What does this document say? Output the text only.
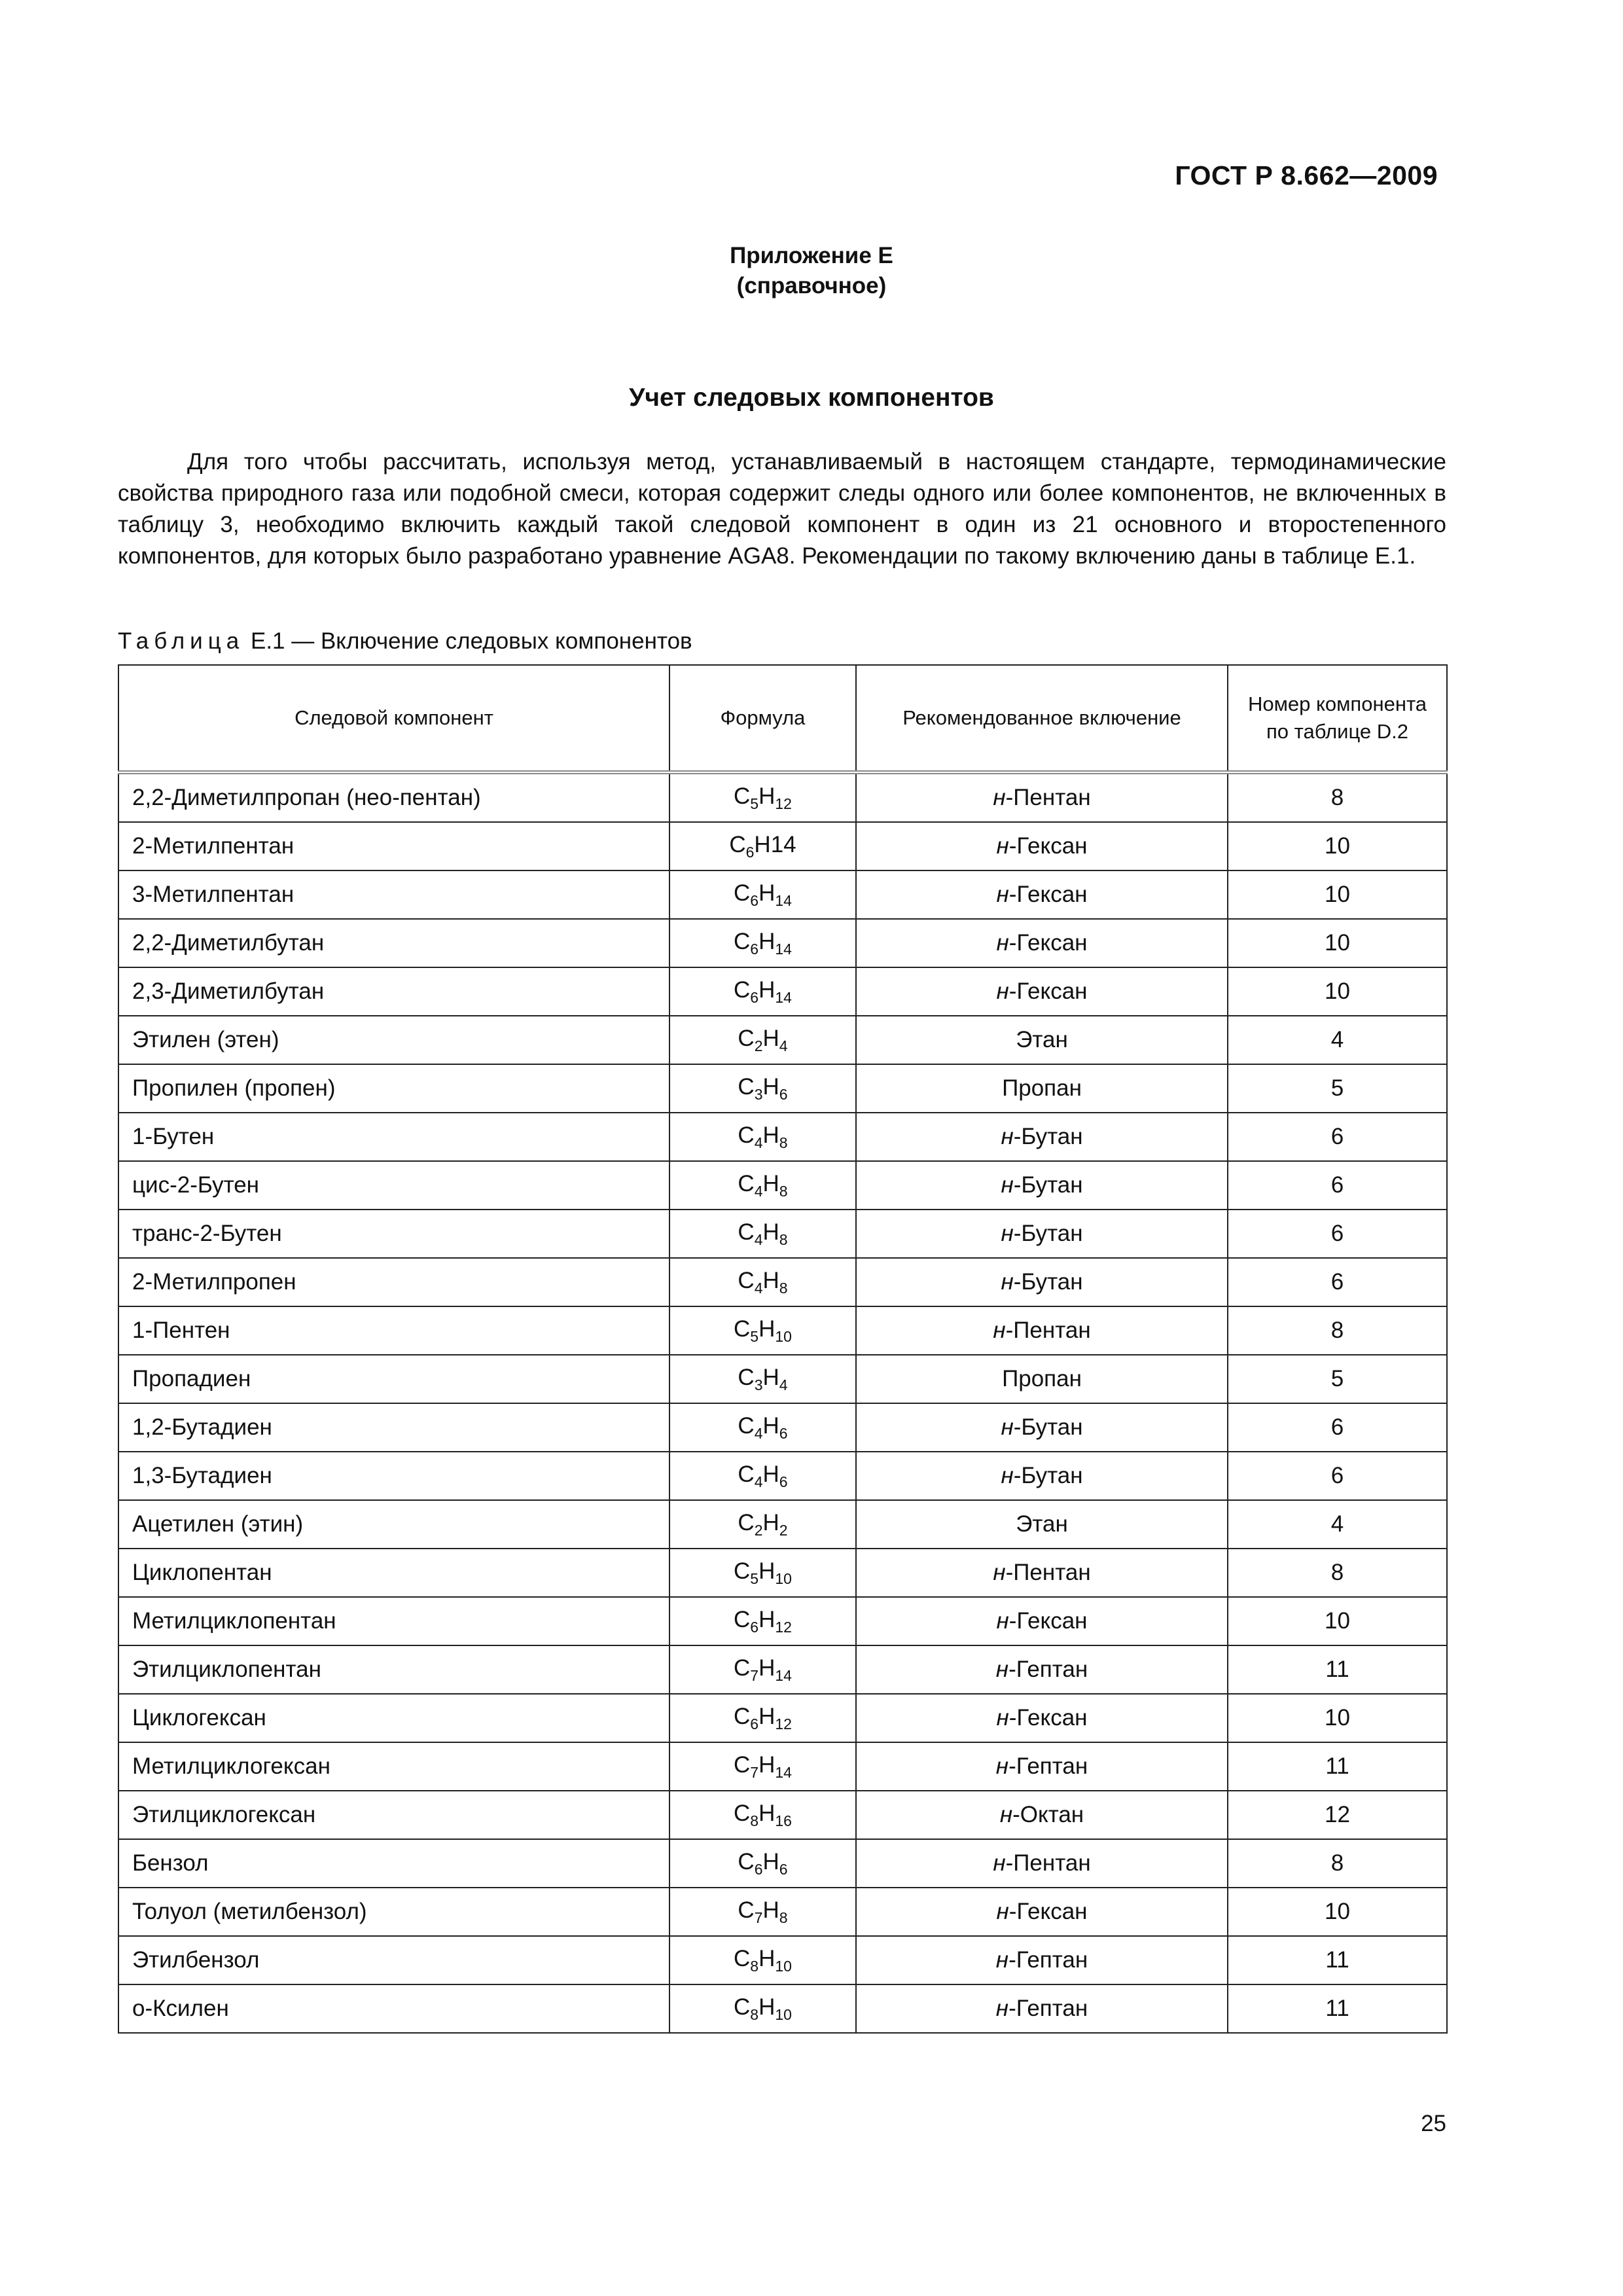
ГОСТ Р 8.662—2009
Приложение Е
(справочное)
Учет следовых компонентов

Для того чтобы рассчитать, используя метод, устанавливаемый в настоящем стандарте, термодинамические свойства природного газа или подобной смеси, которая содержит следы одного или более компонентов, не включенных в таблицу 3, необходимо включить каждый такой следовой компонент в один из 21 основного и второстепенного компонентов, для которых было разработано уравнение AGA8. Рекомендации по такому включению даны в таблице Е.1.

Таблица Е.1 — Включение следовых компонентов
Следовой компонент	Формула	Рекомендованное включение	Номер компонента по таблице D.2
2,2-Диметилпропан (нео-пентан)	$C_5H_{12}$	н-Пентан	8
2-Метилпентан	$C_6H14$	н-Гексан	10
3-Метилпентан	$C_6H_{14}$	н-Гексан	10
2,2-Диметилбутан	$C_6H_{14}$	н-Гексан	10
2,3-Диметилбутан	$C_6H_{14}$	н-Гексан	10
Этилен (этен)	$C_2H_4$	Этан	4
Пропилен (пропен)	$C_3H_6$	Пропан	5
1-Бутен	$C_4H_8$	н-Бутан	6
цис-2-Бутен	$C_4H_8$	н-Бутан	6
транс-2-Бутен	$C_4H_8$	н-Бутан	6
2-Метилпропен	$C_4H_8$	н-Бутан	6
1-Пентен	$C_5H_{10}$	н-Пентан	8
Пропадиен	$C_3H_4$	Пропан	5
1,2-Бутадиен	$C_4H_6$	н-Бутан	6
1,3-Бутадиен	$C_4H_6$	н-Бутан	6
Ацетилен (этин)	$C_2H_2$	Этан	4
Циклопентан	$C_5H_{10}$	н-Пентан	8
Метилциклопентан	$C_6H_{12}$	н-Гексан	10
Этилциклопентан	$C_7H_{14}$	н-Гептан	11
Циклогексан	$C_6H_{12}$	н-Гексан	10
Метилциклогексан	$C_7H_{14}$	н-Гептан	11
Этилциклогексан	$C_8H_{16}$	н-Октан	12
Бензол	$C_6H_6$	н-Пентан	8
Толуол (метилбензол)	$C_7H_8$	н-Гексан	10
Этилбензол	$C_8H_{10}$	н-Гептан	11
о-Ксилен	$C_8H_{10}$	н-Гептан	11
25
